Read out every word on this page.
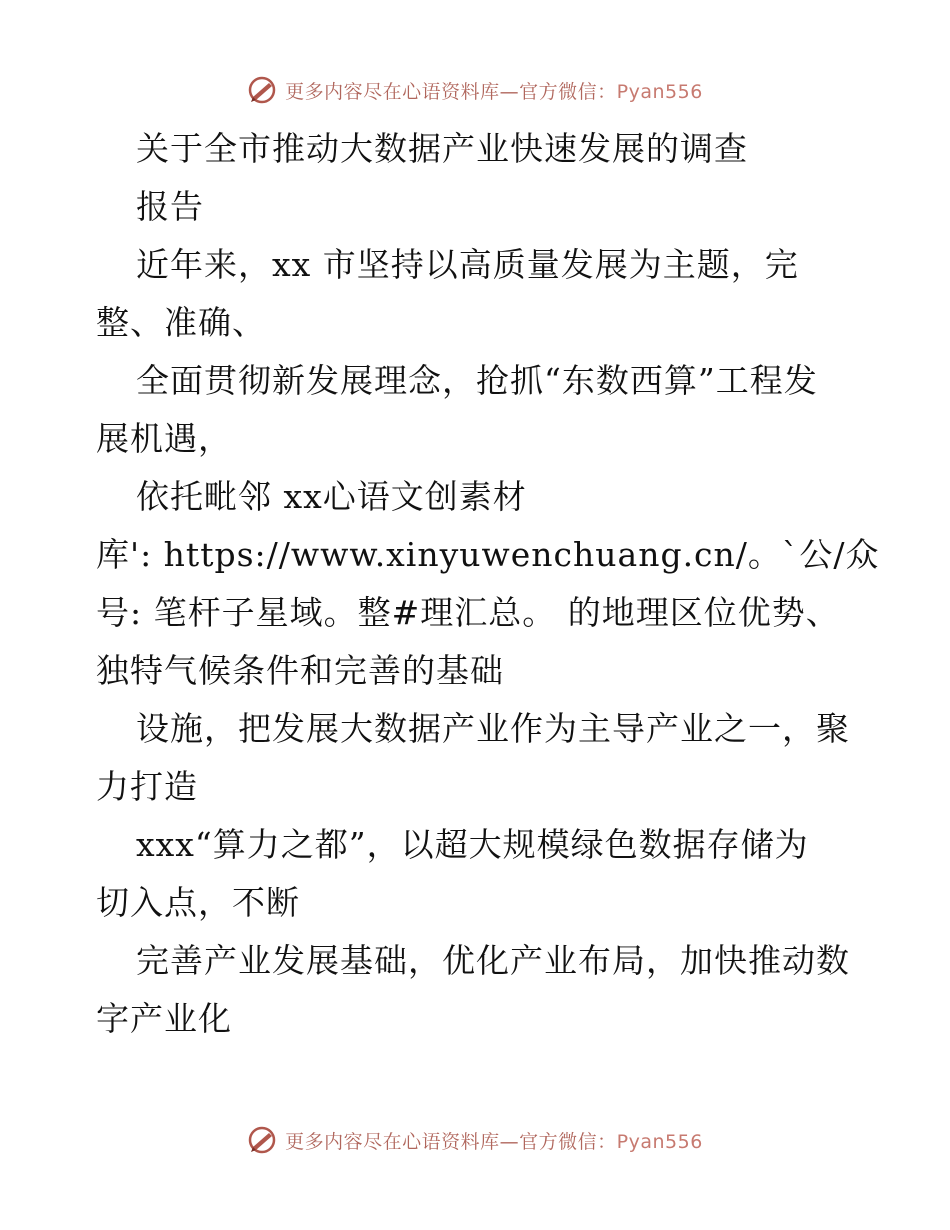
更多内容尽在心语资料库—官方微信：Pyan556
关于全市推动大数据产业快速发展的调查
报告
近年来，xx 市坚持以高质量发展为主题，完
整、准确、
全面贯彻新发展理念，抢抓“东数西算”工程发
展机遇，
依托毗邻 xx心语文创素材
库': https://www.xinyuwenchuang.cn/。`公/众
号: 笔杆子星域。整#理汇总。 的地理区位优势、
独特气候条件和完善的基础
设施，把发展大数据产业作为主导产业之一，聚
力打造
xxx“算力之都”，以超大规模绿色数据存储为
切入点，不断
完善产业发展基础，优化产业布局，加快推动数
字产业化
更多内容尽在心语资料库—官方微信：Pyan556
